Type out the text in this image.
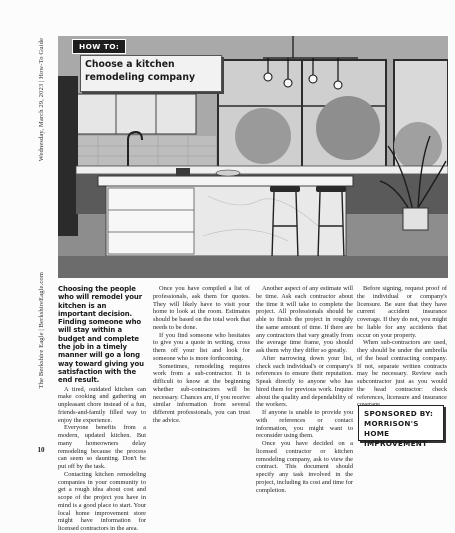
Wednesday, March 29, 2023 | How-To Guide
The Berkshire Eagle | BerkshireEagle.com
10
HOW TO:
Choose a kitchen remodeling company
Choosing the people who will remodel your kitchen is an important decision. Finding someone who will stay within a budget and complete the job in a timely manner will go a long way toward giving you satisfaction with the end result.

A tired, outdated kitchen can make cooking and gathering an unpleasant chore instead of a fun, friends-and-family filled way to enjoy the experience.

Everyone benefits from a modern, updated kitchen. But many homeowners delay remodeling because the process can seem so daunting. Don't be put off by the task.

Contacting kitchen remodeling companies in your community to get a rough idea about cost and scope of the project you have in mind is a good place to start. Your local home improvement store might have information for licensed contractors in the area.

Once you have compiled a list of professionals, ask them for quotes. They will likely have to visit your home to look at the room. Estimates should be based on the total work that needs to be done.

If you find someone who hesitates to give you a quote in writing, cross them off your list and look for someone who is more forthcoming.

Sometimes, remodeling requires work from a sub-contractor. It is difficult to know at the beginning whether sub-contractors will be necessary. Chances are, if you receive similar information from several different professionals, you can trust the advice.

Another aspect of any estimate will be time. Ask each contractor about the time it will take to complete the project. All professionals should be able to finish the project in roughly the same amount of time. If there are any contractors that vary greatly from the average time frame, you should ask them why they differ so greatly.

After narrowing down your list, check each individual's or company's references to ensure their reputation. Speak directly to anyone who has hired them for previous work. Inquire about the quality and dependability of the workers.

If anyone is unable to provide you with references or contact information, you might want to reconsider using them.

Once you have decided on a licensed contractor or kitchen remodeling company, ask to view the contract. This document should specify any task involved in the project, including its cost and time for completion.

Before signing, request proof of the individual or company's licensure. Be sure that they have current accident insurance coverage. If they do not, you might be liable for any accidents that occur on your property.

When sub-contractors are used, they should be under the umbrella of the head contracting company. If not, separate written contracts may be necessary. Review each subcontractor just as you would the head contractor: check references, licensure and insurance

SPONSORED BY:
MORRISON'S HOME IMPROVEMENT
